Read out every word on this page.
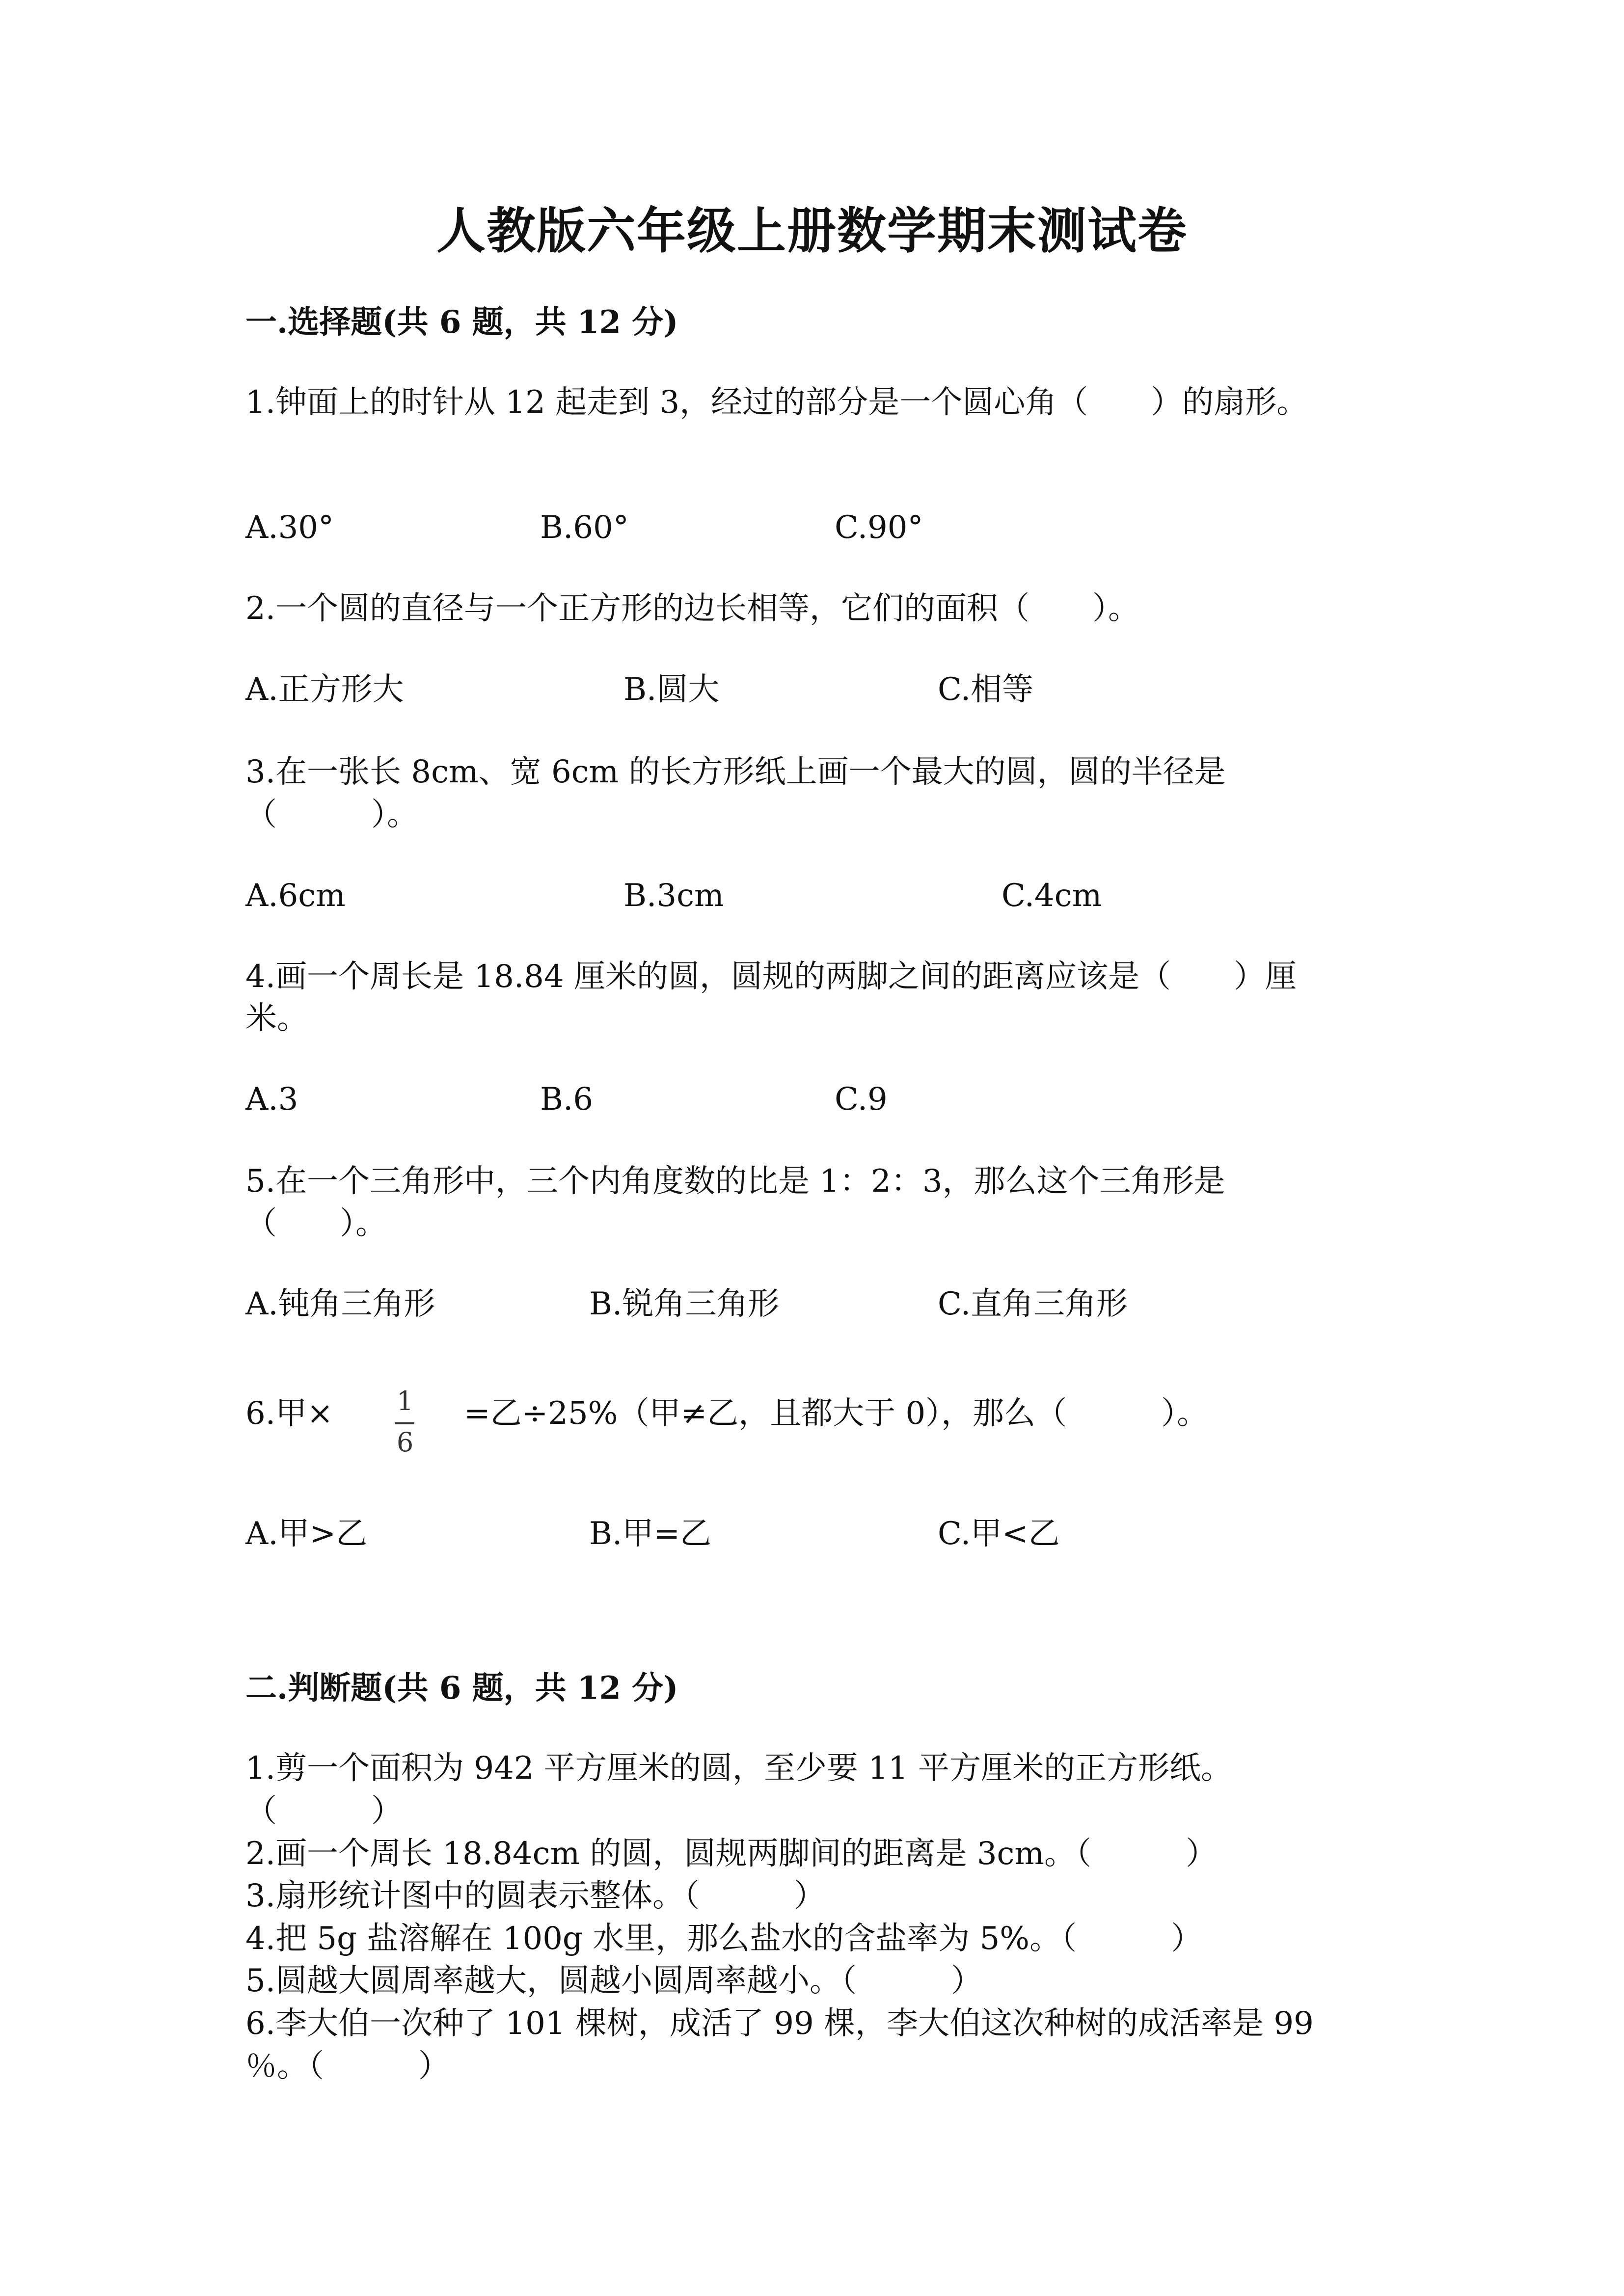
人教版六年级上册数学期末测试卷
一.选择题(共 6 题，共 12 分)
1.钟面上的时针从 12 起走到 3，经过的部分是一个圆心角（　　）的扇形。
A.30°	B.60°	C.90°
2.一个圆的直径与一个正方形的边长相等，它们的面积（　　）。
A.正方形大	B.圆大	C.相等
3.在一张长 8cm、宽 6cm 的长方形纸上画一个最大的圆，圆的半径是
（　　　）。
A.6cm	B.3cm	C.4cm
4.画一个周长是 18.84 厘米的圆，圆规的两脚之间的距离应该是（　　）厘
米。
A.3	B.6	C.9
5.在一个三角形中，三个内角度数的比是 1：2：3，那么这个三角形是
（　　）。
A.钝角三角形	B.锐角三角形	C.直角三角形
6.甲× 1
6
=乙÷25%（甲≠乙，且都大于 0），那么（　　　）。
A.甲>乙	B.甲=乙	C.甲<乙
二.判断题(共 6 题，共 12 分)
1.剪一个面积为 942 平方厘米的圆，至少要 11 平方厘米的正方形纸。
（　　　）
2.画一个周长 18.84cm 的圆，圆规两脚间的距离是 3cm。（　　　）
3.扇形统计图中的圆表示整体。（　　　）
4.把 5g 盐溶解在 100g 水里，那么盐水的含盐率为 5%。（　　　）
5.圆越大圆周率越大，圆越小圆周率越小。（　　　）
6.李大伯一次种了 101 棵树，成活了 99 棵，李大伯这次种树的成活率是 99
％。（　　　）
